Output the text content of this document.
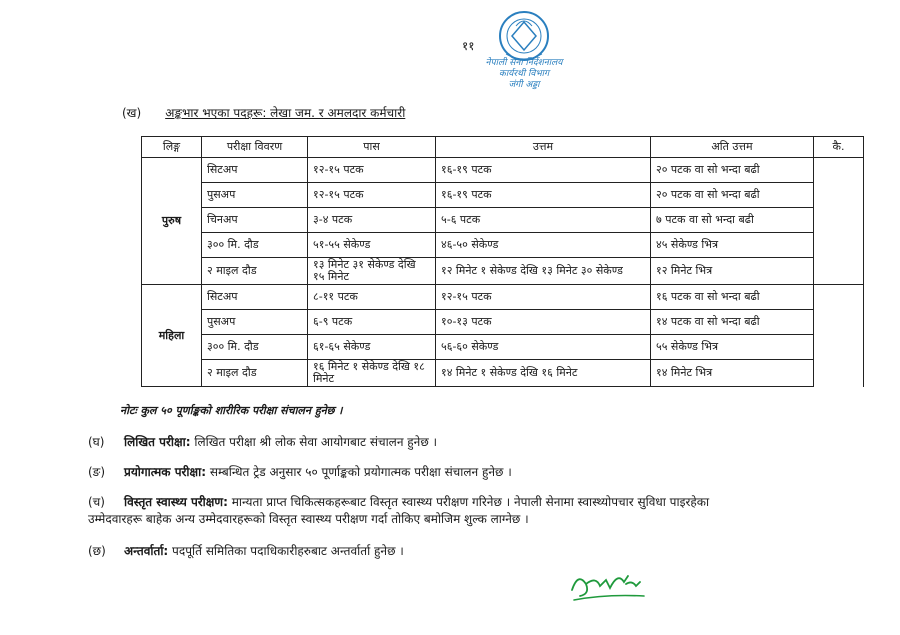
११
नेपाली सेना निर्देशनालय
कार्यरथी विभाग
जंगी अड्डा
(ख) अङ्कभार भएका पदहरू: लेखा जम. र अमलदार कर्मचारी
लिङ्ग	परीक्षा विवरण	पास	उत्तम	अति उत्तम	कै.
पुरुष	सिटअप	१२-१५ पटक	१६-१९ पटक	२० पटक वा सो भन्दा बढी	
	पुसअप	१२-१५ पटक	१६-१९ पटक	२० पटक वा सो भन्दा बढी	
	चिनअप	३-४ पटक	५-६ पटक	७ पटक वा सो भन्दा बढी	
	३०० मि. दौड	५१-५५ सेकेण्ड	४६-५० सेकेण्ड	४५ सेकेण्ड भित्र	
	२ माइल दौड	१३ मिनेट ३१ सेकेण्ड देखि १५ मिनेट	१२ मिनेट १ सेकेण्ड देखि १३ मिनेट ३० सेकेण्ड	१२ मिनेट भित्र	
महिला	सिटअप	८-११ पटक	१२-१५ पटक	१६ पटक वा सो भन्दा बढी	
	पुसअप	६-९ पटक	१०-१३ पटक	१४ पटक वा सो भन्दा बढी	
	३०० मि. दौड	६१-६५ सेकेण्ड	५६-६० सेकेण्ड	५५ सेकेण्ड भित्र	
	२ माइल दौड	१६ मिनेट १ सेकेण्ड देखि १८ मिनेट	१४ मिनेट १ सेकेण्ड देखि १६ मिनेट	१४ मिनेट भित्र	
नोटः कुल ५० पूर्णाङ्कको शारीरिक परीक्षा संचालन हुनेछ ।
(घ) लिखित परीक्षा: लिखित परीक्षा श्री लोक सेवा आयोगबाट संचालन हुनेछ ।
(ङ) प्रयोगात्मक परीक्षा: सम्बन्धित ट्रेड अनुसार ५० पूर्णाङ्कको प्रयोगात्मक परीक्षा संचालन हुनेछ ।
(च) विस्तृत स्वास्थ्य परीक्षण: मान्यता प्राप्त चिकित्सकहरूबाट विस्तृत स्वास्थ्य परीक्षण गरिनेछ । नेपाली सेनामा स्वास्थ्योपचार सुविधा पाइरहेका
उम्मेदवारहरू बाहेक अन्य उम्मेदवारहरूको विस्तृत स्वास्थ्य परीक्षण गर्दा तोकिए बमोजिम शुल्क लाग्नेछ ।
(छ) अन्तर्वार्ता: पदपूर्ति समितिका पदाधिकारीहरुबाट अन्तर्वार्ता हुनेछ ।
